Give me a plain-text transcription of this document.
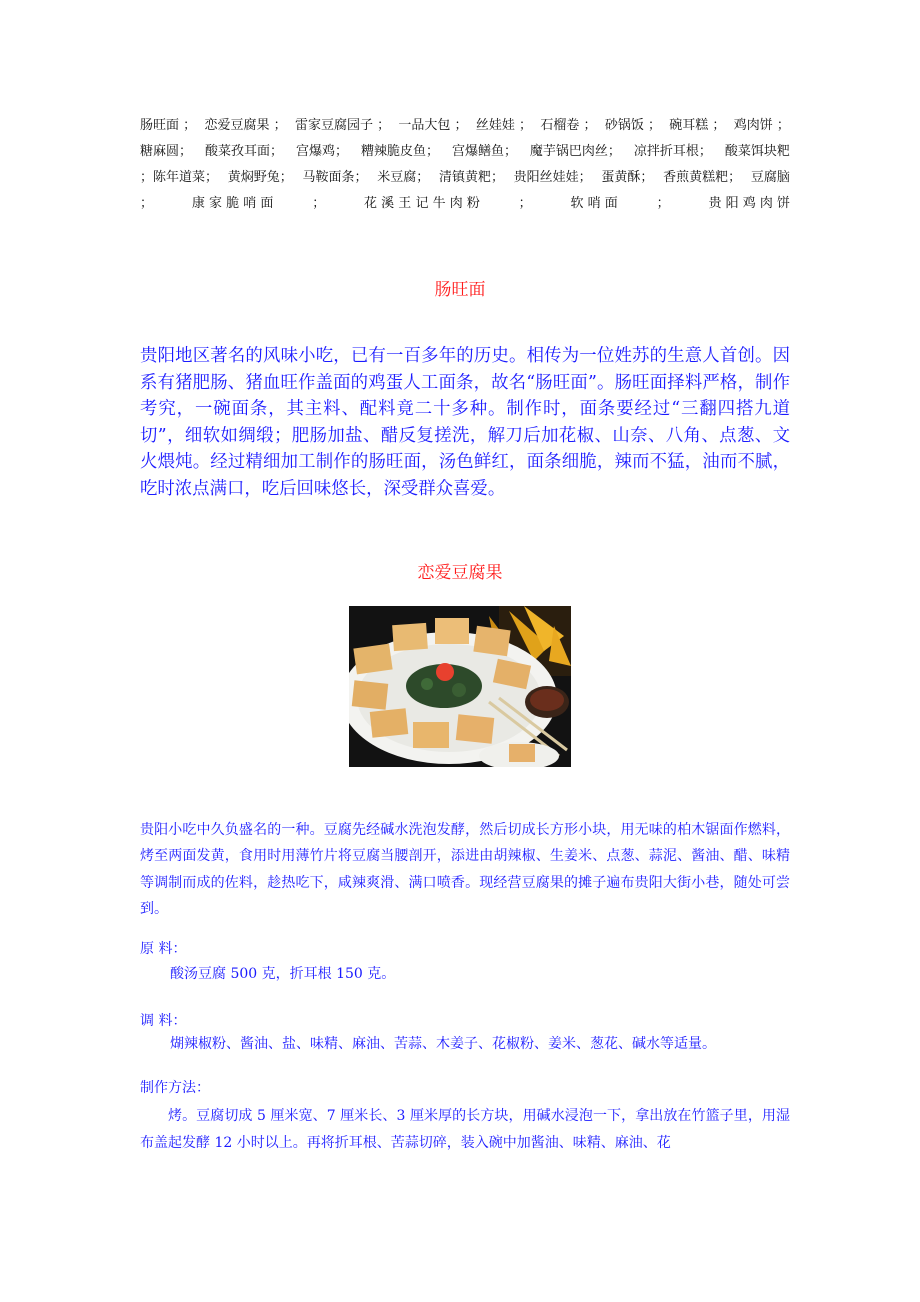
肠旺面 ； 恋爱豆腐果 ； 雷家豆腐园子 ； 一品大包 ； 丝娃娃 ； 石榴卷 ； 砂锅饭 ； 碗耳糕 ； 鸡肉饼 ；
糖麻圆； 酸菜孜耳面； 宫爆鸡； 糟辣脆皮鱼； 宫爆鳝鱼； 魔芋锅巴肉丝； 凉拌折耳根； 酸菜饵块粑
；陈年道菜； 黄焖野兔； 马鞍面条； 米豆腐； 清镇黄粑； 贵阳丝娃娃； 蛋黄酥； 香煎黄糕粑； 豆腐脑
；	康 家 脆 哨 面	；	花 溪 王 记 牛 肉 粉	；	软 哨 面	；	贵 阳 鸡 肉 饼
肠旺面
贵阳地区著名的风味小吃，已有一百多年的历史。相传为一位姓苏的生意人首创。因系有猪肥肠、猪血旺作盖面的鸡蛋人工面条，故名“肠旺面”。肠旺面择料严格，制作考究，一碗面条，其主料、配料竟二十多种。制作时，面条要经过“三翻四搭九道切”，细软如绸缎；肥肠加盐、醋反复搓洗，解刀后加花椒、山奈、八角、点葱、文火煨炖。经过精细加工制作的肠旺面，汤色鲜红，面条细脆，辣而不猛，油而不腻，吃时浓点满口，吃后回味悠长，深受群众喜爱。
恋爱豆腐果
贵阳小吃中久负盛名的一种。豆腐先经碱水洗泡发酵，然后切成长方形小块，用无味的柏木锯面作燃料，烤至两面发黄，食用时用薄竹片将豆腐当腰剖开，添进由胡辣椒、生姜米、点葱、蒜泥、酱油、醋、味精等调制而成的佐料，趁热吃下，咸辣爽滑、满口喷香。现经营豆腐果的摊子遍布贵阳大街小巷，随处可尝到。
原 料：
酸汤豆腐 500 克，折耳根 150 克。
调 料：
煳辣椒粉、酱油、盐、味精、麻油、苦蒜、木姜子、花椒粉、姜米、葱花、碱水等适量。
制作方法：
烤。豆腐切成 5 厘米宽、7 厘米长、3 厘米厚的长方块，用碱水浸泡一下，拿出放在竹篮子里，用湿布盖起发酵 12 小时以上。再将折耳根、苦蒜切碎，装入碗中加酱油、味精、麻油、花
